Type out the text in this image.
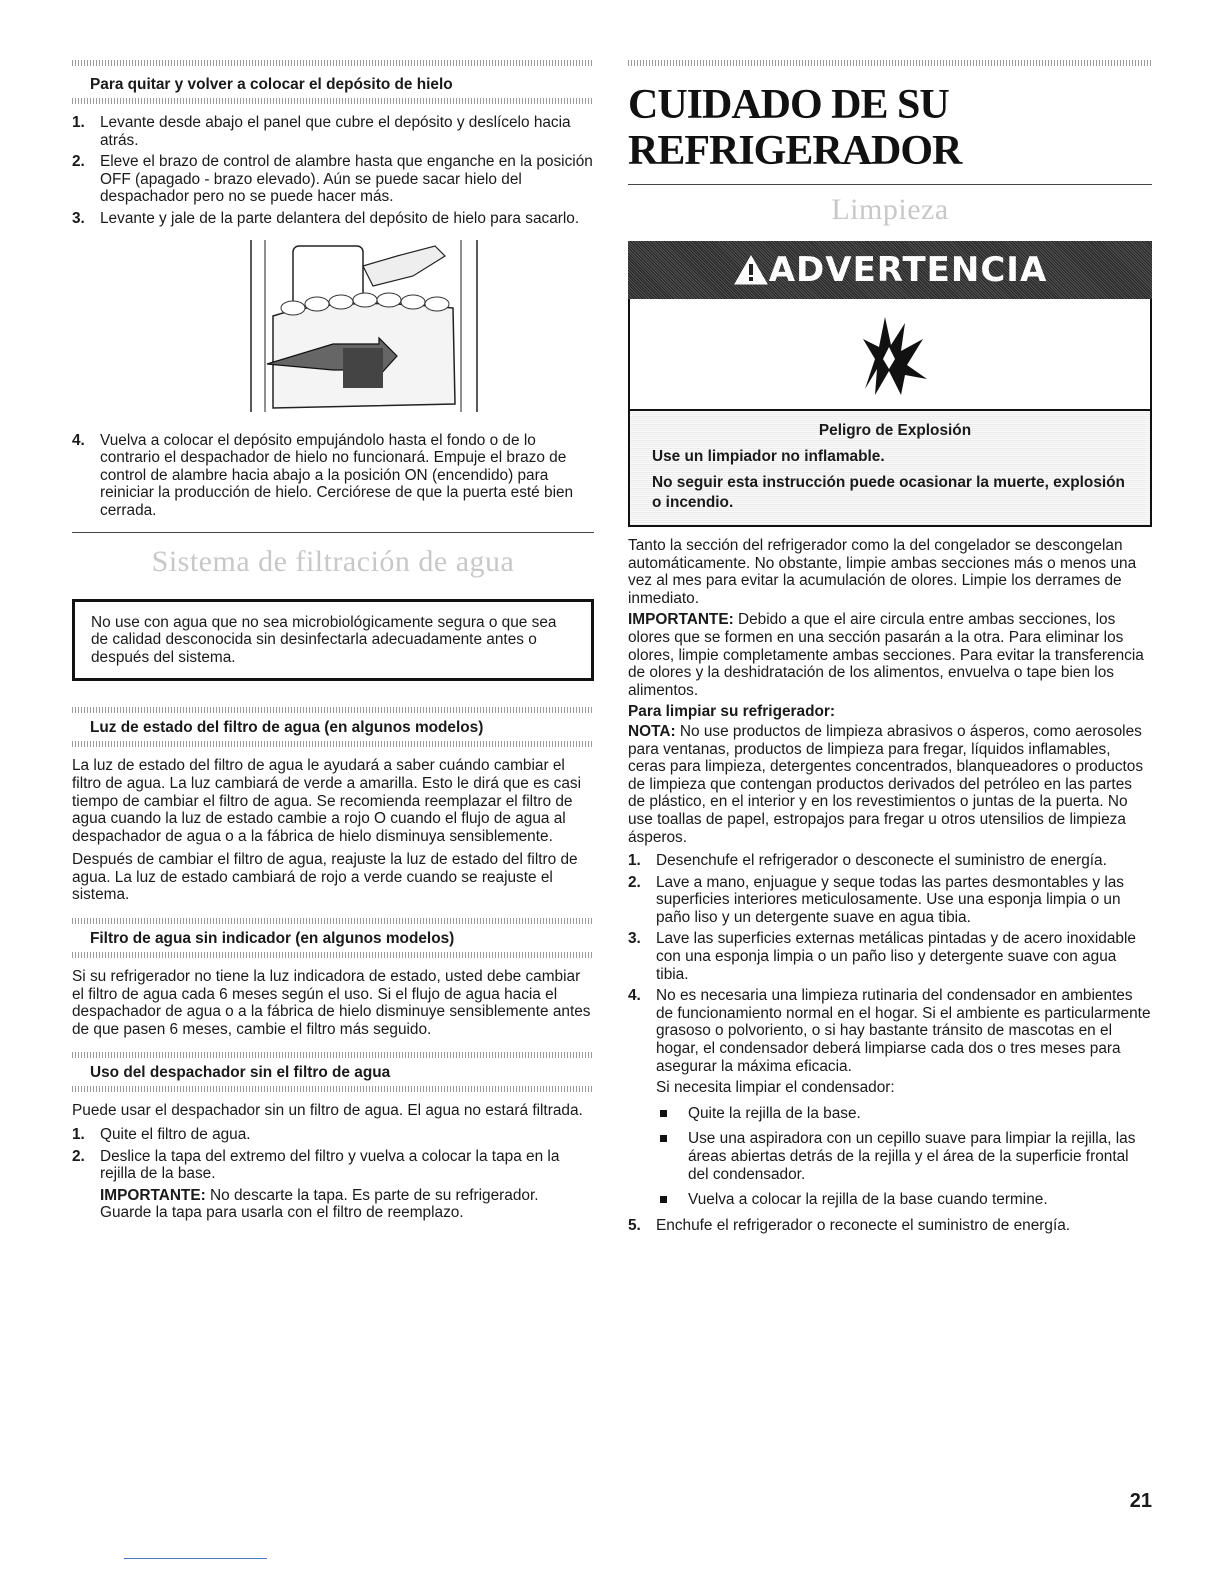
Para quitar y volver a colocar el depósito de hielo
1. Levante desde abajo el panel que cubre el depósito y deslícelo hacia atrás.
2. Eleve el brazo de control de alambre hasta que enganche en la posición OFF (apagado - brazo elevado). Aún se puede sacar hielo del despachador pero no se puede hacer más.
3. Levante y jale de la parte delantera del depósito de hielo para sacarlo.
4. Vuelva a colocar el depósito empujándolo hasta el fondo o de lo contrario el despachador de hielo no funcionará. Empuje el brazo de control de alambre hacia abajo a la posición ON (encendido) para reiniciar la producción de hielo. Cerciórese de que la puerta esté bien cerrada.

Sistema de filtración de agua

No use con agua que no sea microbiológicamente segura o que sea de calidad desconocida sin desinfectarla adecuadamente antes o después del sistema.
Luz de estado del filtro de agua (en algunos modelos)

La luz de estado del filtro de agua le ayudará a saber cuándo cambiar el filtro de agua. La luz cambiará de verde a amarilla. Esto le dirá que es casi tiempo de cambiar el filtro de agua. Se recomienda reemplazar el filtro de agua cuando la luz de estado cambie a rojo O cuando el flujo de agua al despachador de agua o a la fábrica de hielo disminuya sensiblemente.

Después de cambiar el filtro de agua, reajuste la luz de estado del filtro de agua. La luz de estado cambiará de rojo a verde cuando se reajuste el sistema.

Filtro de agua sin indicador (en algunos modelos)

Si su refrigerador no tiene la luz indicadora de estado, usted debe cambiar el filtro de agua cada 6 meses según el uso. Si el flujo de agua hacia el despachador de agua o a la fábrica de hielo disminuye sensiblemente antes de que pasen 6 meses, cambie el filtro más seguido.

Uso del despachador sin el filtro de agua

Puede usar el despachador sin un filtro de agua. El agua no estará filtrada.

1. Quite el filtro de agua.
2. Deslice la tapa del extremo del filtro y vuelva a colocar la tapa en la rejilla de la base.

IMPORTANTE: No descarte la tapa. Es parte de su refrigerador. Guarde la tapa para usarla con el filtro de reemplazo.

CUIDADO DE SU REFRIGERADOR

Limpieza

ADVERTENCIA

Peligro de Explosión

Use un limpiador no inflamable.

No seguir esta instrucción puede ocasionar la muerte, explosión o incendio.

Tanto la sección del refrigerador como la del congelador se descongelan automáticamente. No obstante, limpie ambas secciones más o menos una vez al mes para evitar la acumulación de olores. Limpie los derrames de inmediato.

IMPORTANTE: Debido a que el aire circula entre ambas secciones, los olores que se formen en una sección pasarán a la otra. Para eliminar los olores, limpie completamente ambas secciones. Para evitar la transferencia de olores y la deshidratación de los alimentos, envuelva o tape bien los alimentos.

Para limpiar su refrigerador:

NOTA: No use productos de limpieza abrasivos o ásperos, como aerosoles para ventanas, productos de limpieza para fregar, líquidos inflamables, ceras para limpieza, detergentes concentrados, blanqueadores o productos de limpieza que contengan productos derivados del petróleo en las partes de plástico, en el interior y en los revestimientos o juntas de la puerta. No use toallas de papel, estropajos para fregar u otros utensilios de limpieza ásperos.

1. Desenchufe el refrigerador o desconecte el suministro de energía.
2. Lave a mano, enjuague y seque todas las partes desmontables y las superficies interiores meticulosamente. Use una esponja limpia o un paño liso y un detergente suave en agua tibia.
3. Lave las superficies externas metálicas pintadas y de acero inoxidable con una esponja limpia o un paño liso y detergente suave con agua tibia.
4. No es necesaria una limpieza rutinaria del condensador en ambientes de funcionamiento normal en el hogar. Si el ambiente es particularmente grasoso o polvoriento, o si hay bastante tránsito de mascotas en el hogar, el condensador deberá limpiarse cada dos o tres meses para asegurar la máxima eficacia.

Si necesita limpiar el condensador:

Quite la rejilla de la base.
Use una aspiradora con un cepillo suave para limpiar la rejilla, las áreas abiertas detrás de la rejilla y el área de la superficie frontal del condensador.
Vuelva a colocar la rejilla de la base cuando termine.
5. Enchufe el refrigerador o reconecte el suministro de energía.
21
